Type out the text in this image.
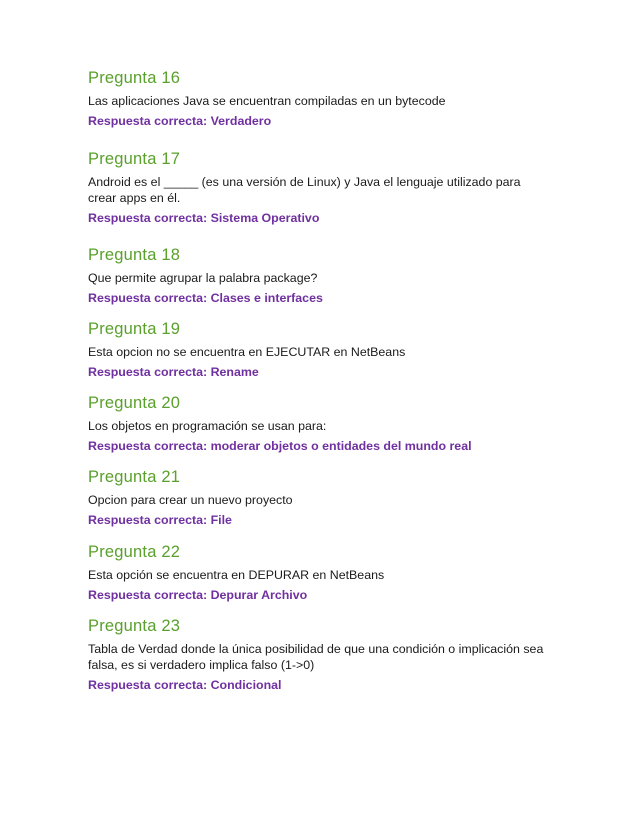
Pregunta 16
Las aplicaciones Java se encuentran compiladas en un bytecode
Respuesta correcta: Verdadero
Pregunta 17
Android es el _____ (es una versión de Linux) y Java el lenguaje utilizado para crear apps en él.
Respuesta correcta: Sistema Operativo
Pregunta 18
Que permite agrupar la palabra package?
Respuesta correcta: Clases e interfaces
Pregunta 19
Esta opcion no se encuentra en EJECUTAR en NetBeans
Respuesta correcta: Rename
Pregunta 20
Los objetos en programación se usan para:
Respuesta correcta: moderar objetos o entidades del mundo real
Pregunta 21
Opcion para crear un nuevo proyecto
Respuesta correcta: File
Pregunta 22
Esta opción se encuentra en DEPURAR en NetBeans
Respuesta correcta: Depurar Archivo
Pregunta 23
Tabla de Verdad donde la única posibilidad de que una condición o implicación sea falsa, es si verdadero implica falso (1->0)
Respuesta correcta: Condicional
